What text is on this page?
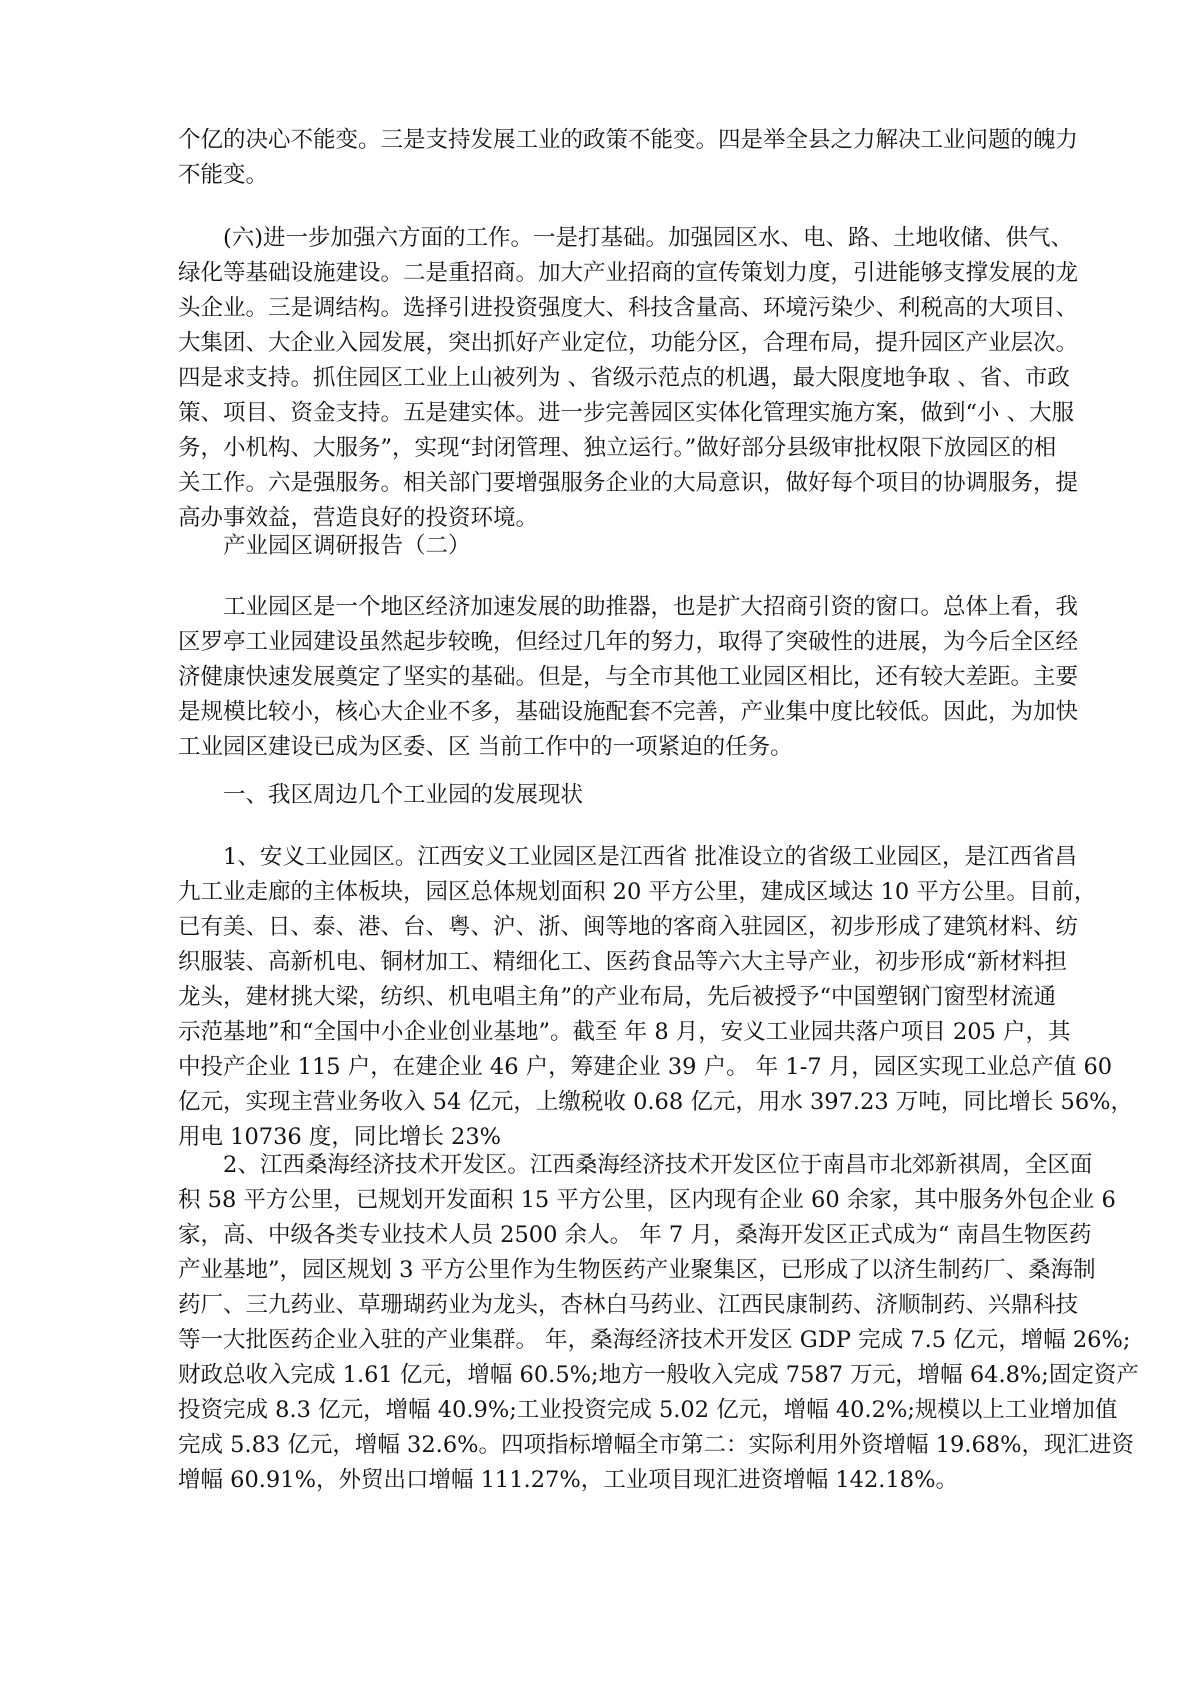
个亿的决心不能变。三是支持发展工业的政策不能变。四是举全县之力解决工业问题的魄力
不能变。
(六)进一步加强六方面的工作。一是打基础。加强园区水、电、路、土地收储、供气、
绿化等基础设施建设。二是重招商。加大产业招商的宣传策划力度，引进能够支撑发展的龙
头企业。三是调结构。选择引进投资强度大、科技含量高、环境污染少、利税高的大项目、
大集团、大企业入园发展，突出抓好产业定位，功能分区，合理布局，提升园区产业层次。
四是求支持。抓住园区工业上山被列为 、省级示范点的机遇，最大限度地争取 、省、市政
策、项目、资金支持。五是建实体。进一步完善园区实体化管理实施方案，做到“小 、大服
务，小机构、大服务”，实现“封闭管理、独立运行。”做好部分县级审批权限下放园区的相
关工作。六是强服务。相关部门要增强服务企业的大局意识，做好每个项目的协调服务，提
高办事效益，营造良好的投资环境。
产业园区调研报告（二）
工业园区是一个地区经济加速发展的助推器，也是扩大招商引资的窗口。总体上看，我
区罗亭工业园建设虽然起步较晚，但经过几年的努力，取得了突破性的进展，为今后全区经
济健康快速发展奠定了坚实的基础。但是，与全市其他工业园区相比，还有较大差距。主要
是规模比较小，核心大企业不多，基础设施配套不完善，产业集中度比较低。因此，为加快
工业园区建设已成为区委、区 当前工作中的一项紧迫的任务。
一、我区周边几个工业园的发展现状
1、安义工业园区。江西安义工业园区是江西省 批准设立的省级工业园区，是江西省昌
九工业走廊的主体板块，园区总体规划面积 20 平方公里，建成区域达 10 平方公里。目前，
已有美、日、泰、港、台、粤、沪、浙、闽等地的客商入驻园区，初步形成了建筑材料、纺
织服装、高新机电、铜材加工、精细化工、医药食品等六大主导产业，初步形成“新材料担
龙头，建材挑大梁，纺织、机电唱主角”的产业布局，先后被授予“中国塑钢门窗型材流通
示范基地”和“全国中小企业创业基地”。截至 年 8 月，安义工业园共落户项目 205 户，其
中投产企业 115 户，在建企业 46 户，筹建企业 39 户。 年 1-7 月，园区实现工业总产值 60
亿元，实现主营业务收入 54 亿元，上缴税收 0.68 亿元，用水 397.23 万吨，同比增长 56%，
用电 10736 度，同比增长 23%
2、江西桑海经济技术开发区。江西桑海经济技术开发区位于南昌市北郊新祺周，全区面
积 58 平方公里，已规划开发面积 15 平方公里，区内现有企业 60 余家，其中服务外包企业 6
家，高、中级各类专业技术人员 2500 余人。 年 7 月，桑海开发区正式成为“ 南昌生物医药
产业基地”，园区规划 3 平方公里作为生物医药产业聚集区，已形成了以济生制药厂、桑海制
药厂、三九药业、草珊瑚药业为龙头，杏林白马药业、江西民康制药、济顺制药、兴鼎科技
等一大批医药企业入驻的产业集群。 年，桑海经济技术开发区 GDP 完成 7.5 亿元，增幅 26%;
财政总收入完成 1.61 亿元，增幅 60.5%;地方一般收入完成 7587 万元，增幅 64.8%;固定资产
投资完成 8.3 亿元，增幅 40.9%;工业投资完成 5.02 亿元，增幅 40.2%;规模以上工业增加值
完成 5.83 亿元，增幅 32.6%。四项指标增幅全市第二：实际利用外资增幅 19.68%，现汇进资
增幅 60.91%，外贸出口增幅 111.27%，工业项目现汇进资增幅 142.18%。
